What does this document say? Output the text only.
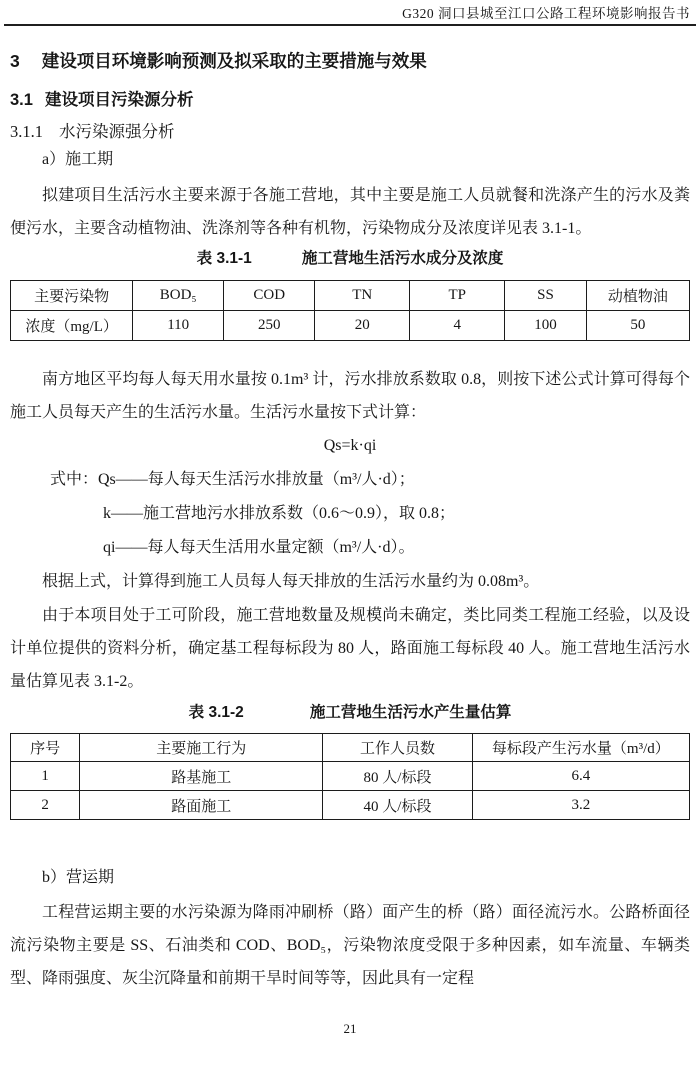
G320 洞口县城至江口公路工程环境影响报告书
3 建设项目环境影响预测及拟采取的主要措施与效果
3.1 建设项目污染源分析
3.1.1 水污染源强分析

a）施工期

拟建项目生活污水主要来源于各施工营地，其中主要是施工人员就餐和洗涤产生的污水及粪便污水，主要含动植物油、洗涤剂等各种有机物，污染物成分及浓度详见表 3.1-1。

表 3.1-1	施工营地生活污水成分及浓度
主要污染物	BOD₅	COD	TN	TP	SS	动植物油
浓度（mg/L）	110	250	20	4	100	50

南方地区平均每人每天用水量按 0.1m³ 计，污水排放系数取 0.8，则按下述公式计算可得每个施工人员每天产生的生活污水量。生活污水量按下式计算：

Qs=k·qi
式中：Qs——每人每天生活污水排放量（m³/人·d）；
k——施工营地污水排放系数（0.6～0.9），取 0.8；
qi——每人每天生活用水量定额（m³/人·d）。

根据上式，计算得到施工人员每人每天排放的生活污水量约为 0.08m³。

由于本项目处于工可阶段，施工营地数量及规模尚未确定，类比同类工程施工经验，以及设计单位提供的资料分析，确定基工程每标段为 80 人，路面施工每标段 40 人。施工营地生活污水量估算见表 3.1-2。

表 3.1-2	施工营地生活污水产生量估算
序号	主要施工行为	工作人员数	每标段产生污水量（m³/d）
1	路基施工	80 人/标段	6.4
2	路面施工	40 人/标段	3.2

b）营运期

工程营运期主要的水污染源为降雨冲刷桥（路）面产生的桥（路）面径流污水。公路桥面径流污染物主要是 SS、石油类和 COD、BOD₅，污染物浓度受限于多种因素，如车流量、车辆类型、降雨强度、灰尘沉降量和前期干旱时间等等，因此具有一定程

21
